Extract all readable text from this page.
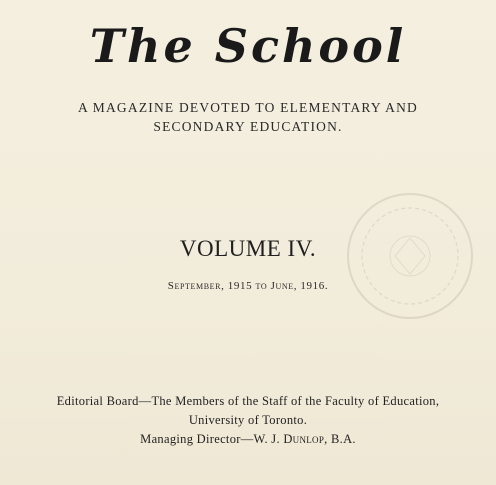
The School
A MAGAZINE DEVOTED TO ELEMENTARY AND
SECONDARY EDUCATION.
VOLUME IV.
September, 1915 to June, 1916.
Editorial Board—The Members of the Staff of the Faculty of Education,
University of Toronto.
Managing Director—W. J. Dunlop, B.A.
